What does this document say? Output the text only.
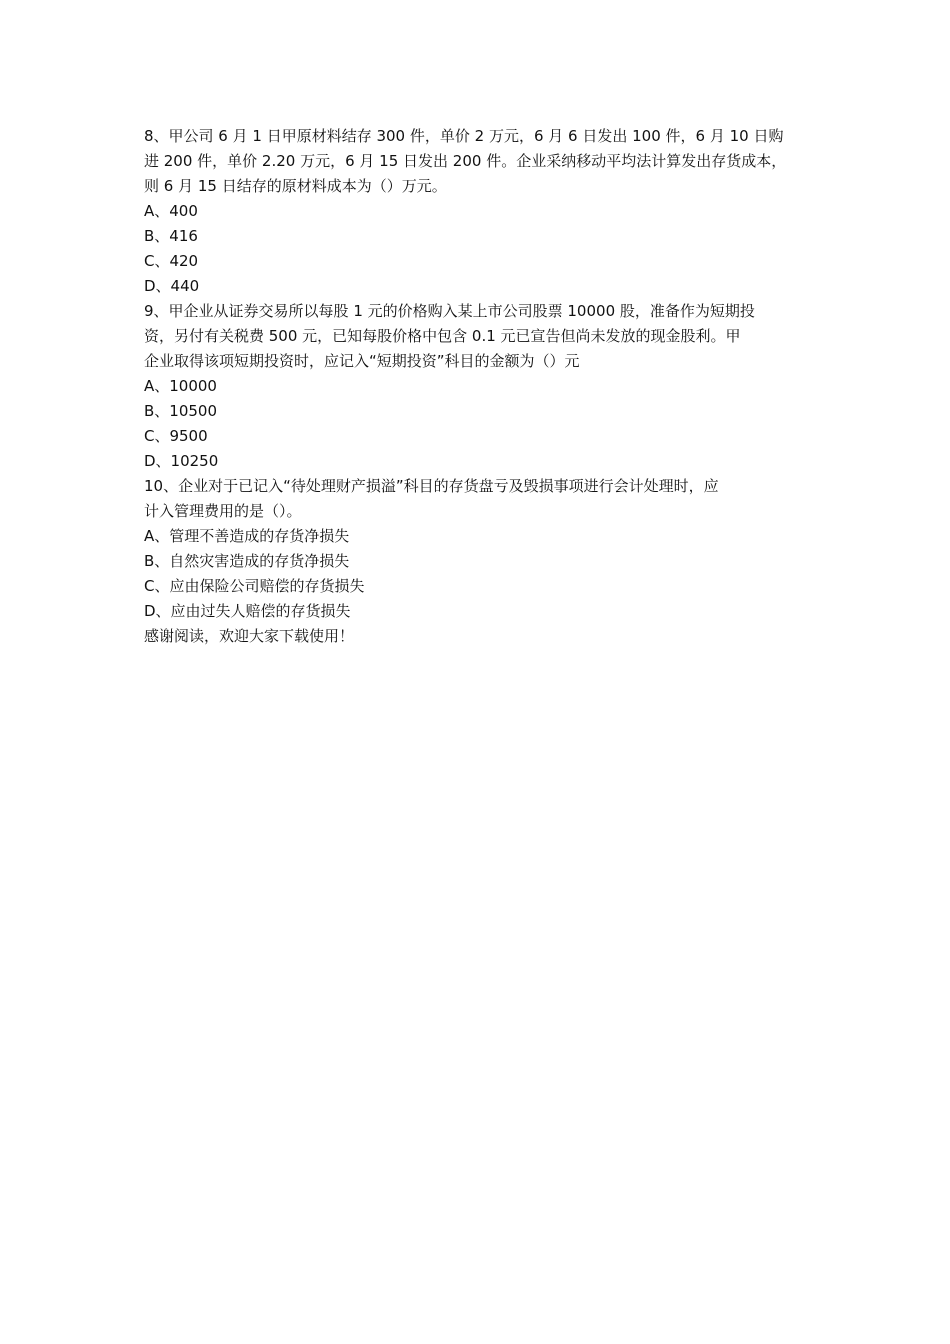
8、甲公司 6 月 1 日甲原材料结存 300 件，单价 2 万元，6 月 6 日发出 100 件，6 月 10 日购
进 200 件，单价 2.20 万元，6 月 15 日发出 200 件。企业采纳移动平均法计算发出存货成本，
则 6 月 15 日结存的原材料成本为（）万元。
A、400
B、416
C、420
D、440
9、甲企业从证券交易所以每股 1 元的价格购入某上市公司股票 10000 股，准备作为短期投
资，另付有关税费 500 元，已知每股价格中包含 0.1 元已宣告但尚未发放的现金股利。甲
企业取得该项短期投资时，应记入“短期投资”科目的金额为（）元
A、10000
B、10500
C、9500
D、10250
10、企业对于已记入“待处理财产损溢”科目的存货盘亏及毁损事项进行会计处理时，应
计入管理费用的是（）。
A、管理不善造成的存货净损失
B、自然灾害造成的存货净损失
C、应由保险公司赔偿的存货损失
D、应由过失人赔偿的存货损失
感谢阅读，欢迎大家下载使用！
